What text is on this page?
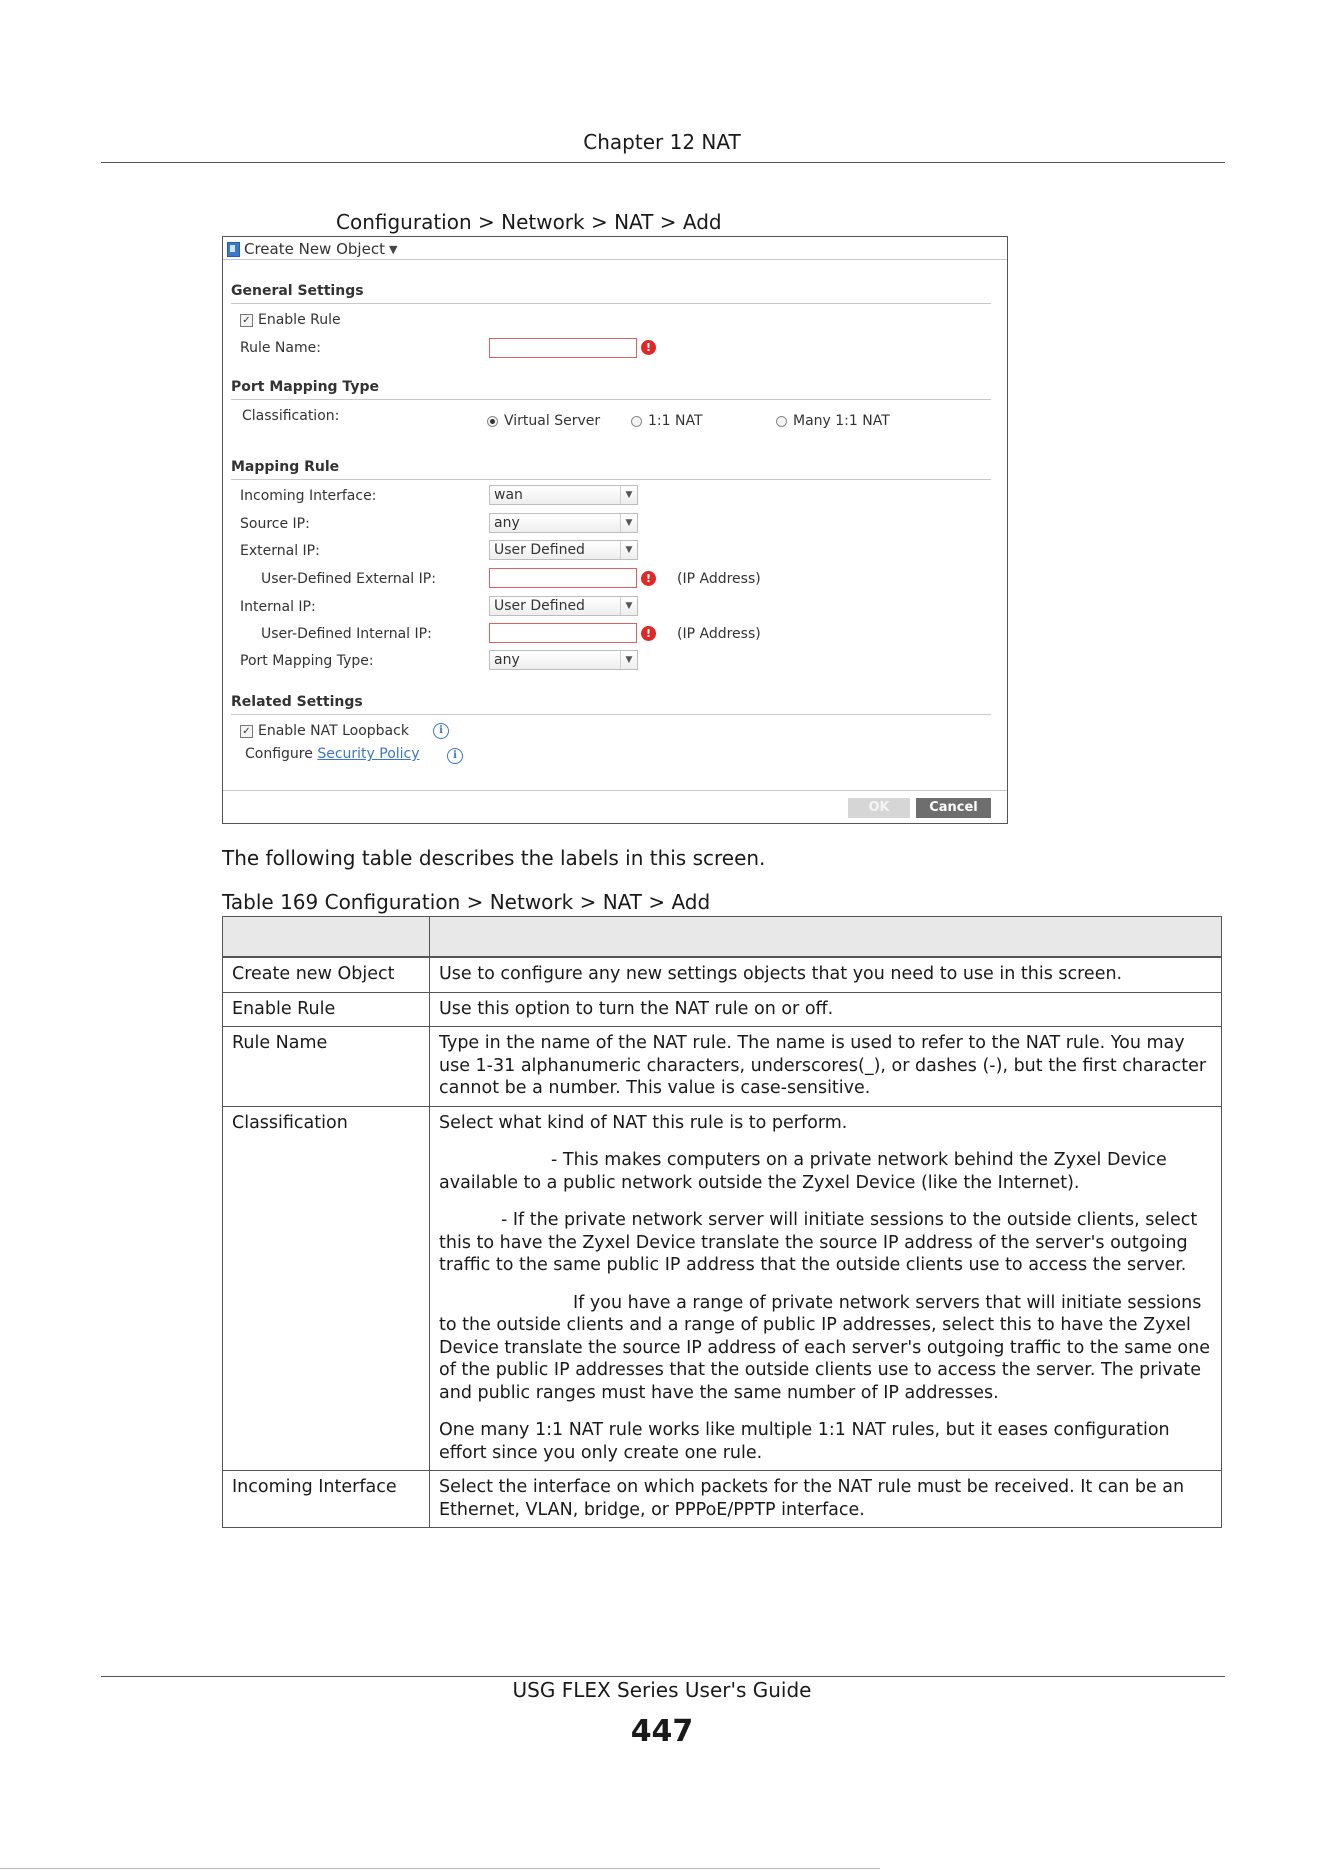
Chapter 12 NAT
Configuration > Network > NAT > Add
Create New Object ▼
General Settings
✓ Enable Rule
Rule Name:	!
Port Mapping Type
Classification:	Virtual Server	1:1 NAT	Many 1:1 NAT
Mapping Rule
Incoming Interface:	wan	▼
Source IP:	any	▼
External IP:	User Defined	▼
User-Defined External IP:	!	(IP Address)
Internal IP:	User Defined	▼
User-Defined Internal IP:	!	(IP Address)
Port Mapping Type:	any	▼
Related Settings
✓ Enable NAT Loopback	i
Configure Security Policy	i
OK	Cancel
The following table describes the labels in this screen.
Table 169 Configuration > Network > NAT > Add

Create new Object	Use to configure any new settings objects that you need to use in this screen.

Enable Rule	Use this option to turn the NAT rule on or off.

Rule Name	Type in the name of the NAT rule. The name is used to refer to the NAT rule. You may use 1-31 alphanumeric characters, underscores(_), or dashes (-), but the first character cannot be a number. This value is case-sensitive.

Classification	Select what kind of NAT this rule is to perform.

- This makes computers on a private network behind the Zyxel Device available to a public network outside the Zyxel Device (like the Internet).

- If the private network server will initiate sessions to the outside clients, select this to have the Zyxel Device translate the source IP address of the server's outgoing traffic to the same public IP address that the outside clients use to access the server.

If you have a range of private network servers that will initiate sessions to the outside clients and a range of public IP addresses, select this to have the Zyxel Device translate the source IP address of each server's outgoing traffic to the same one of the public IP addresses that the outside clients use to access the server. The private and public ranges must have the same number of IP addresses.

One many 1:1 NAT rule works like multiple 1:1 NAT rules, but it eases configuration effort since you only create one rule.

Incoming Interface	Select the interface on which packets for the NAT rule must be received. It can be an Ethernet, VLAN, bridge, or PPPoE/PPTP interface.

USG FLEX Series User's Guide
447
